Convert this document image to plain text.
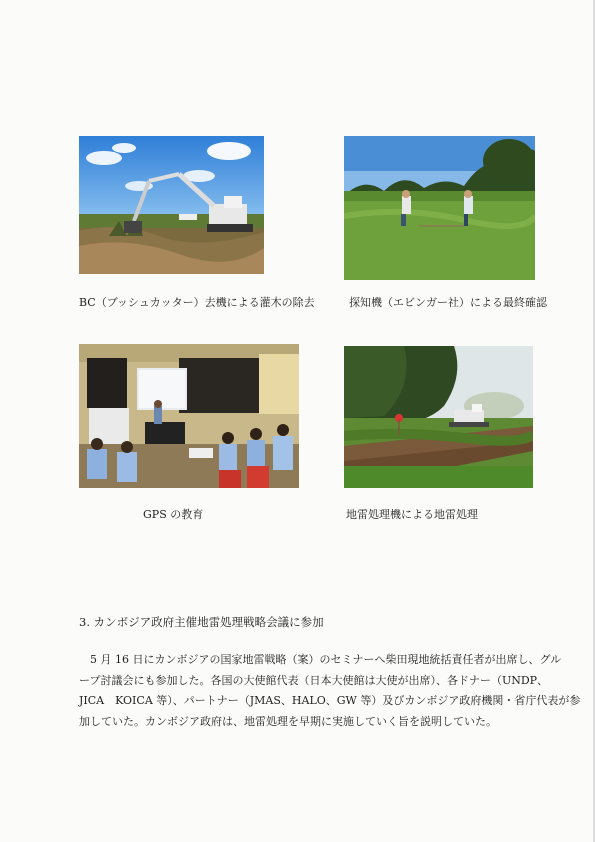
BC（ブッシュカッター）去機による灌木の除去	探知機（エビンガー社）による最終確認
GPS の教育	地雷処理機による地雷処理
3. カンボジア政府主催地雷処理戦略会議に参加
5 月 16 日にカンボジアの国家地雷戦略（案）のセミナーへ柴田現地統括責任者が出席し、グル
ープ討議会にも参加した。各国の大使館代表（日本大使館は大使が出席）、各ドナー（UNDP、
JICA　KOICA 等）、パートナー（JMAS、HALO、GW 等）及びカンボジア政府機関・省庁代表が参
加していた。カンボジア政府は、地雷処理を早期に実施していく旨を説明していた。
